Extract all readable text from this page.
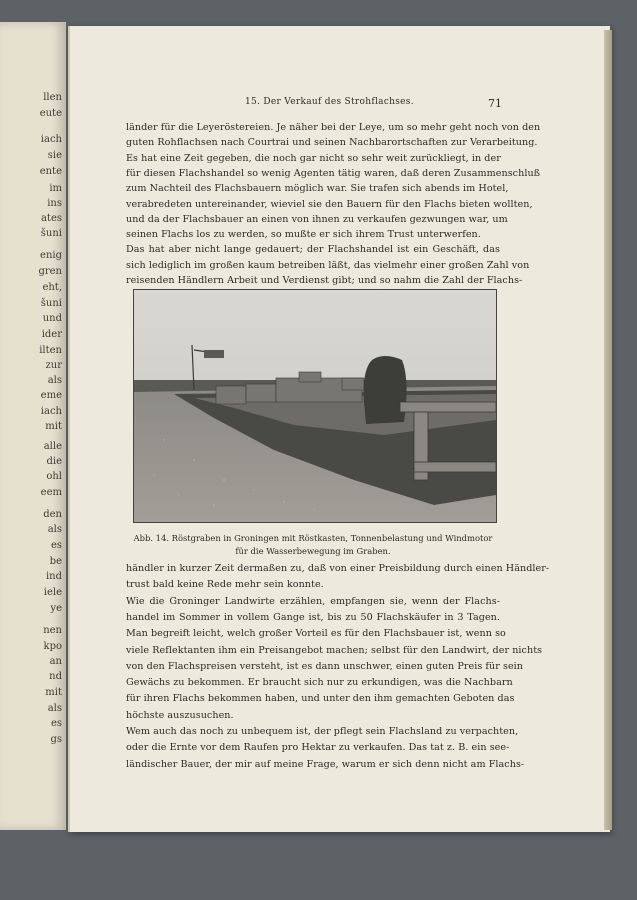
llen
eute
iach
sie
ente
im
ins
ates
šuni
enig
gren
eht,
šuni
und
ider
ilten
zur
als
eme
iach
mit
alle
die
ohl
eem
den
als
es
be
ind
iele
ye
nen
kpo
an
nd
mit
als
es
gs
15. Der Verkauf des Strohflachses.	71
länder für die Leyeröstereien. Je näher bei der Leye, um so mehr geht noch von den
guten Rohflachsen nach Courtrai und seinen Nachbarortschaften zur Verarbeitung.
Es hat eine Zeit gegeben, die noch gar nicht so sehr weit zurückliegt, in der
für diesen Flachshandel so wenig Agenten tätig waren, daß deren Zusammenschluß
zum Nachteil des Flachsbauern möglich war. Sie trafen sich abends im Hotel,
verabredeten untereinander, wieviel sie den Bauern für den Flachs bieten wollten,
und da der Flachsbauer an einen von ihnen zu verkaufen gezwungen war, um
seinen Flachs los zu werden, so mußte er sich ihrem Trust unterwerfen.
Das hat aber nicht lange gedauert; der Flachshandel ist ein Geschäft, das
sich lediglich im großen kaum betreiben läßt, das vielmehr einer großen Zahl von
reisenden Händlern Arbeit und Verdienst gibt; und so nahm die Zahl der Flachs-
Abb. 14. Röstgraben in Groningen mit Röstkasten, Tonnenbelastung und Windmotor
für die Wasserbewegung im Graben.
händler in kurzer Zeit dermaßen zu, daß von einer Preisbildung durch einen Händler-
trust bald keine Rede mehr sein konnte.
Wie die Groninger Landwirte erzählen, empfangen sie, wenn der Flachs-
handel im Sommer in vollem Gange ist, bis zu 50 Flachskäufer in 3 Tagen.
Man begreift leicht, welch großer Vorteil es für den Flachsbauer ist, wenn so
viele Reflektanten ihm ein Preisangebot machen; selbst für den Landwirt, der nichts
von den Flachspreisen versteht, ist es dann unschwer, einen guten Preis für sein
Gewächs zu bekommen. Er braucht sich nur zu erkundigen, was die Nachbarn
für ihren Flachs bekommen haben, und unter den ihm gemachten Geboten das
höchste auszusuchen.
Wem auch das noch zu unbequem ist, der pflegt sein Flachsland zu verpachten,
oder die Ernte vor dem Raufen pro Hektar zu verkaufen. Das tat z. B. ein see-
ländischer Bauer, der mir auf meine Frage, warum er sich denn nicht am Flachs-
